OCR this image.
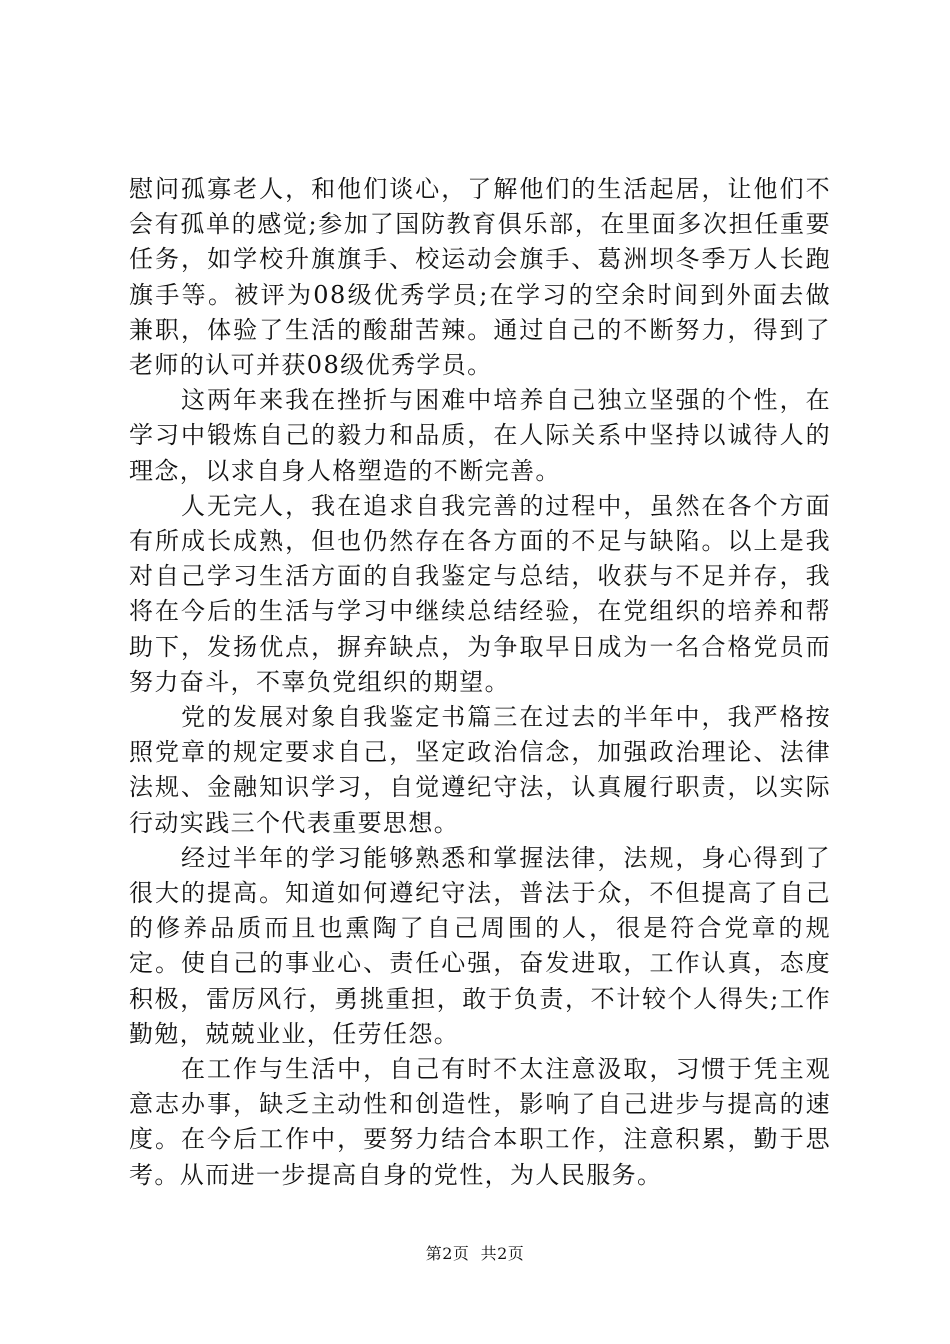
慰问孤寡老人，和他们谈心，了解他们的生活起居，让他们不会有孤单的感觉;参加了国防教育俱乐部，在里面多次担任重要任务，如学校升旗旗手、校运动会旗手、葛洲坝冬季万人长跑旗手等。被评为08级优秀学员;在学习的空余时间到外面去做兼职，体验了生活的酸甜苦辣。通过自己的不断努力，得到了老师的认可并获08级优秀学员。

这两年来我在挫折与困难中培养自己独立坚强的个性，在学习中锻炼自己的毅力和品质，在人际关系中坚持以诚待人的理念，以求自身人格塑造的不断完善。

人无完人，我在追求自我完善的过程中，虽然在各个方面有所成长成熟，但也仍然存在各方面的不足与缺陷。以上是我对自己学习生活方面的自我鉴定与总结，收获与不足并存，我将在今后的生活与学习中继续总结经验，在党组织的培养和帮助下，发扬优点，摒弃缺点，为争取早日成为一名合格党员而努力奋斗，不辜负党组织的期望。

党的发展对象自我鉴定书篇三在过去的半年中，我严格按照党章的规定要求自己，坚定政治信念，加强政治理论、法律法规、金融知识学习，自觉遵纪守法，认真履行职责，以实际行动实践三个代表重要思想。

经过半年的学习能够熟悉和掌握法律，法规，身心得到了很大的提高。知道如何遵纪守法，普法于众，不但提高了自己的修养品质而且也熏陶了自己周围的人，很是符合党章的规定。使自己的事业心、责任心强，奋发进取，工作认真，态度积极，雷厉风行，勇挑重担，敢于负责，不计较个人得失;工作勤勉，兢兢业业，任劳任怨。

在工作与生活中，自己有时不太注意汲取，习惯于凭主观意志办事，缺乏主动性和创造性，影响了自己进步与提高的速度。在今后工作中，要努力结合本职工作，注意积累，勤于思考。从而进一步提高自身的党性，为人民服务。

第2页  共2页
